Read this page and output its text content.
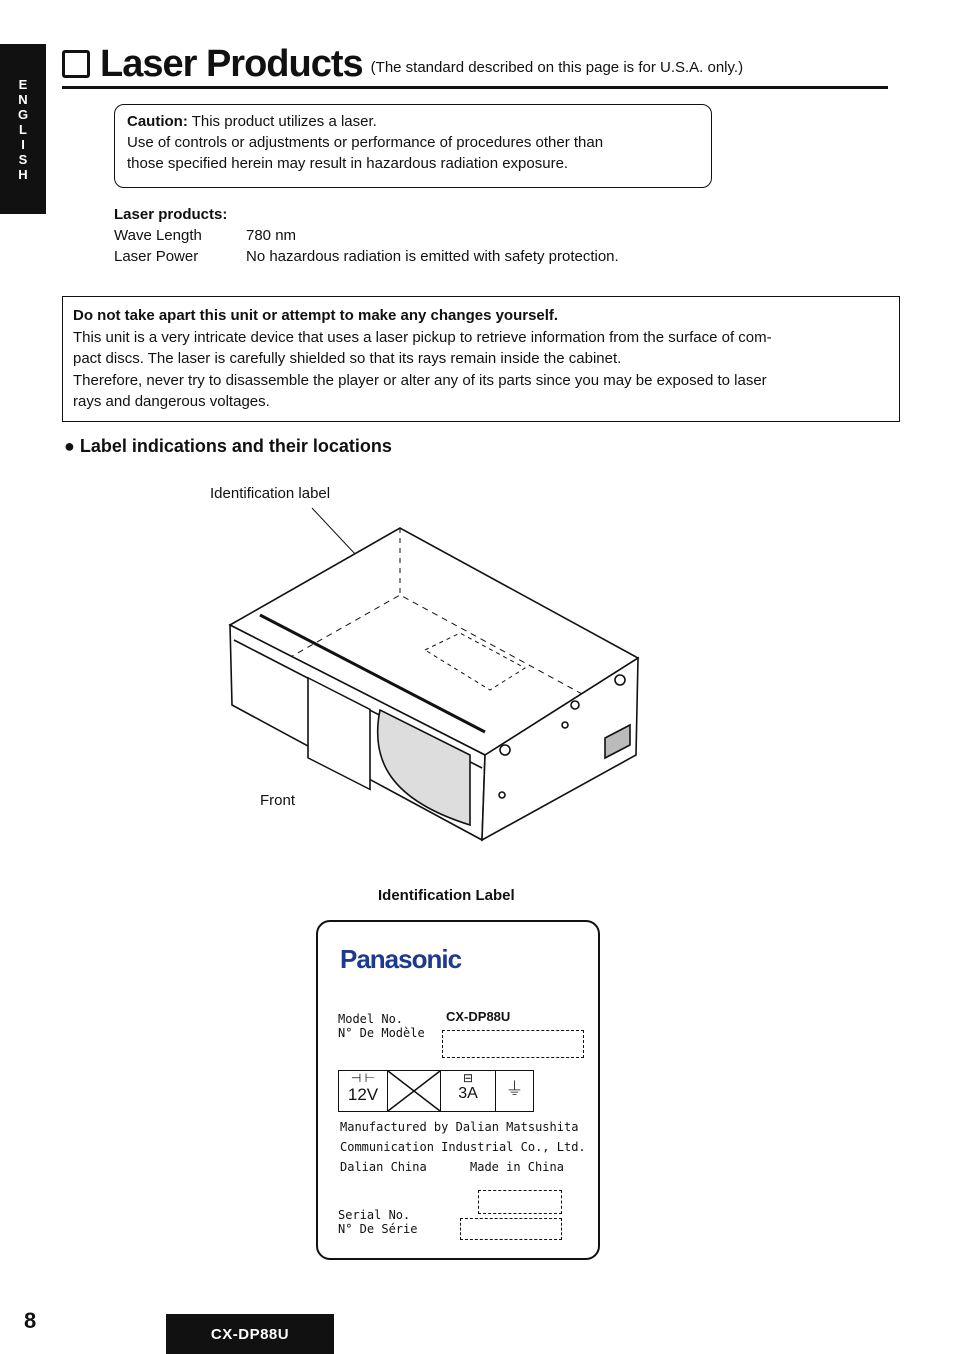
E
N
G
L
I
S
H
Laser Products (The standard described on this page is for U.S.A. only.)
Caution: This product utilizes a laser.
Use of controls or adjustments or performance of procedures other than
those specified herein may result in hazardous radiation exposure.
Laser products:
Wave Length	780 nm
Laser Power	No hazardous radiation is emitted with safety protection.
Do not take apart this unit or attempt to make any changes yourself.
This unit is a very intricate device that uses a laser pickup to retrieve information from the surface of com-
pact discs. The laser is carefully shielded so that its rays remain inside the cabinet.
Therefore, never try to disassemble the player or alter any of its parts since you may be exposed to laser
rays and dangerous voltages.
● Label indications and their locations
Identification label
Front
Identification Label
Panasonic
Model No.
N° De Modèle
CX-DP88U
⊣ ⊢
12V ☒	⊟
3A	⏚
Manufactured by Dalian Matsushita
Communication Industrial Co., Ltd.
Dalian China	Made in China
Serial No.
N° De Série
8
CX-DP88U
